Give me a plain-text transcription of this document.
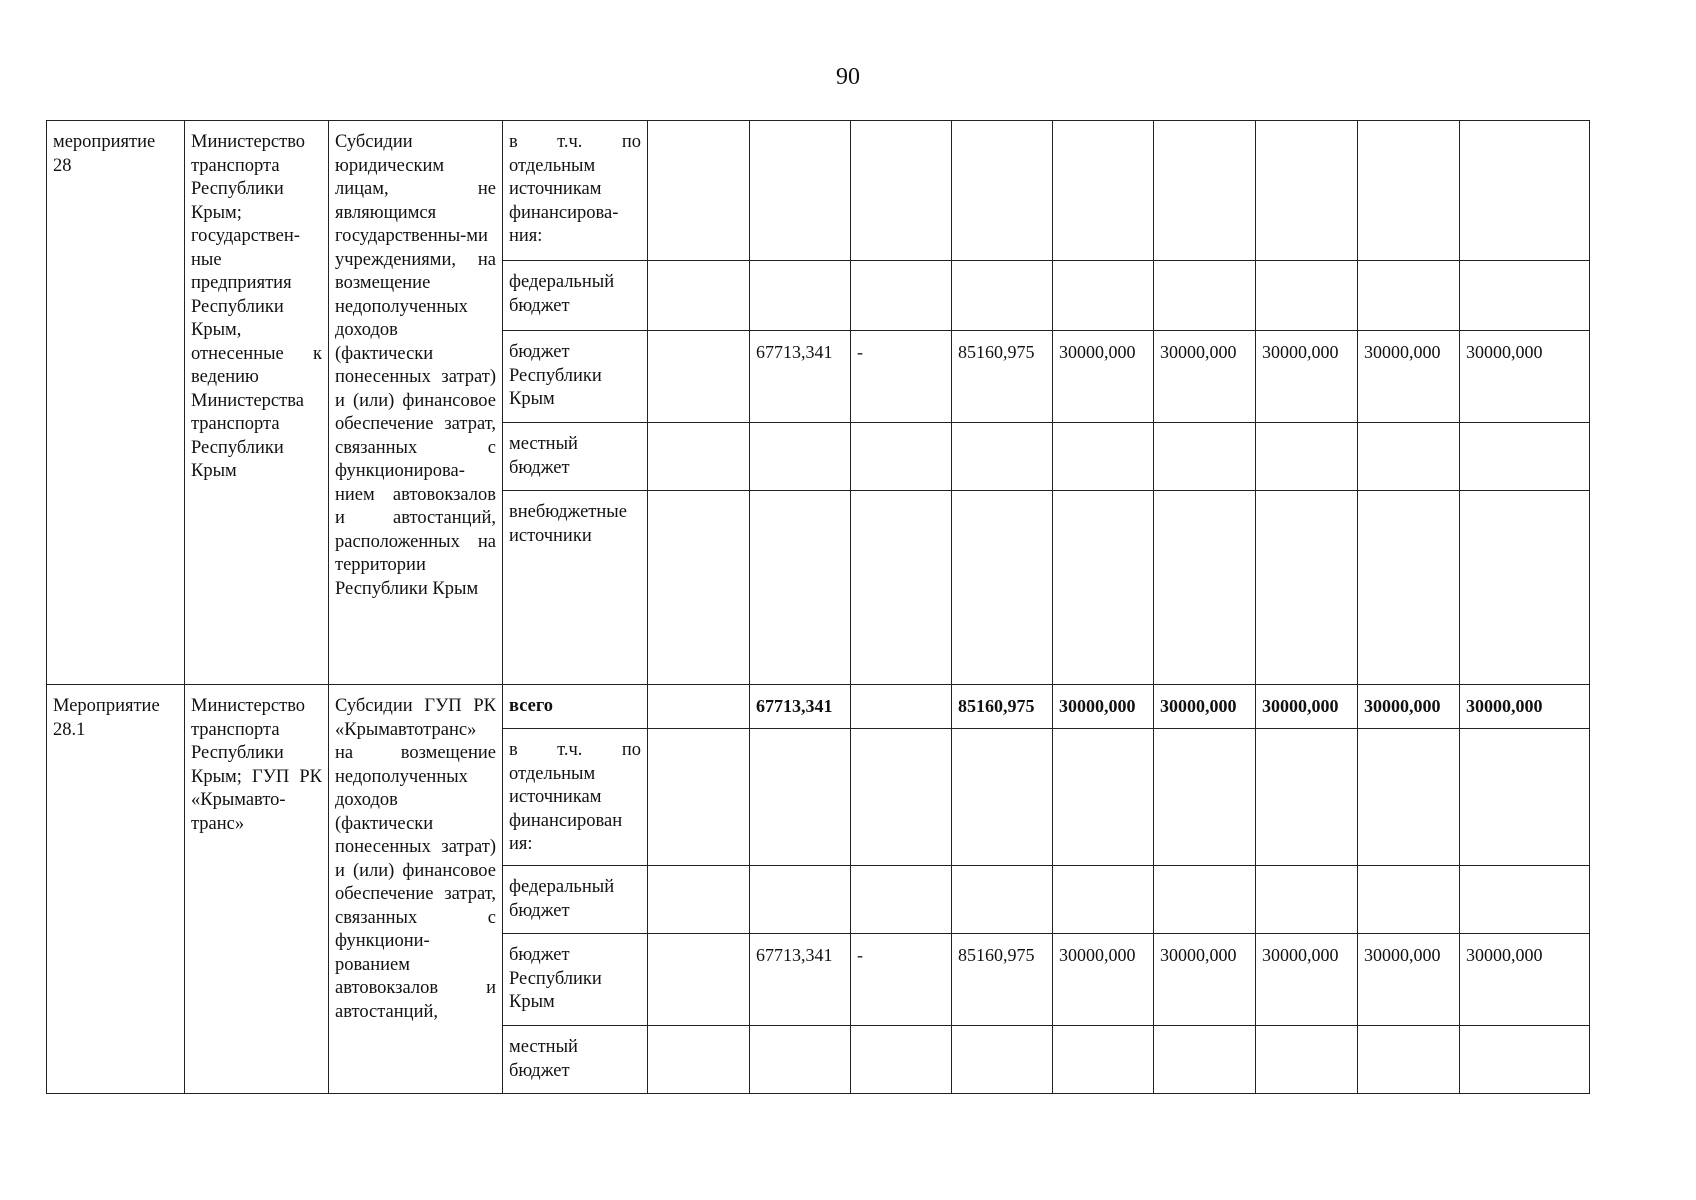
90
мероприятие 28	Министерство транспорта Республики Крым; государствен-ные предприятия Республики Крым, отнесенные к ведению Министерства транспорта Республики Крым	Субсидии юридическим лицам, не являющимся государственны-ми учреждениями, на возмещение недополученных доходов (фактически понесенных затрат) и (или) финансовое обеспечение затрат, связанных с функционирова-нием автовокзалов и автостанций, расположенных на территории Республики Крым	в т.ч. по отдельным источникам финансирова-ния:										
			федеральный бюджет										
			бюджет Республики Крым		67713,341	-	85160,975	30000,000	30000,000	30000,000	30000,000	30000,000	
			местный бюджет										
			внебюджетные источники										
Мероприятие 28.1	Министерство транспорта Республики Крым; ГУП РК «Крымавто-транс»	Субсидии ГУП РК «Крымавтотранс» на возмещение недополученных доходов (фактически понесенных затрат) и (или) финансовое обеспечение затрат, связанных с функциони-рованием автовокзалов и автостанций,	всего		67713,341		85160,975	30000,000	30000,000	30000,000	30000,000	30000,000	
			в т.ч. по отдельным источникам финансирован ия:										
			федеральный бюджет										
			бюджет Республики Крым		67713,341	-	85160,975	30000,000	30000,000	30000,000	30000,000	30000,000	
			местный бюджет										
